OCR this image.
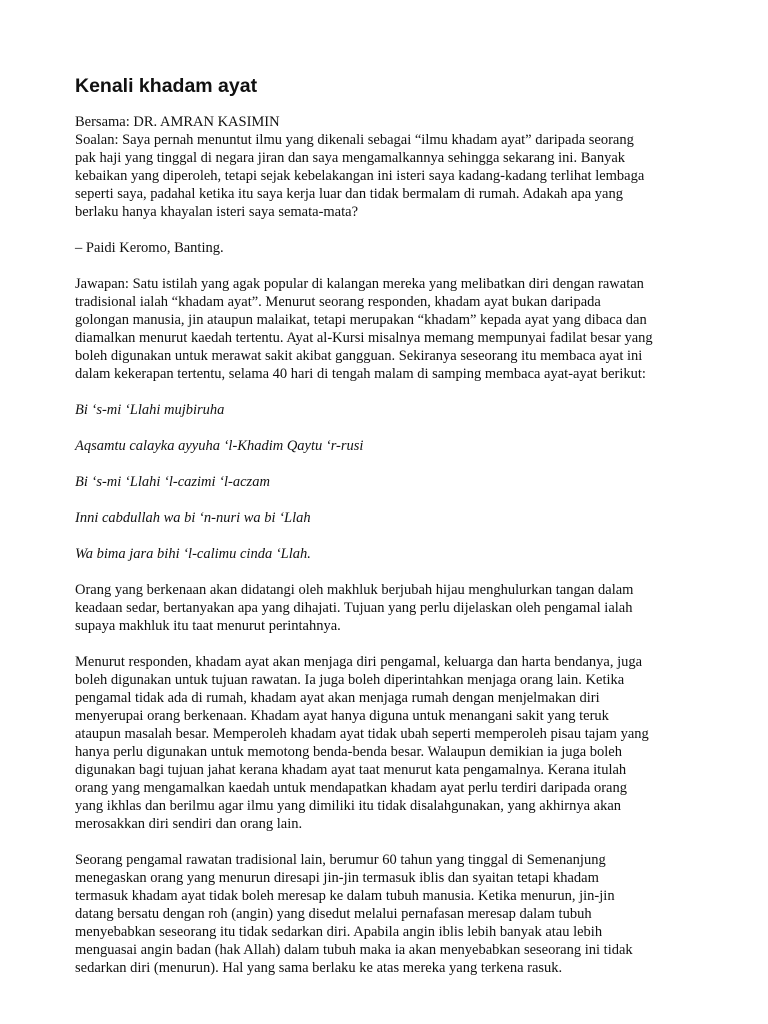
Kenali khadam ayat
Bersama: DR. AMRAN KASIMIN
Soalan: Saya pernah menuntut ilmu yang dikenali sebagai “ilmu khadam ayat” daripada seorang
pak haji yang tinggal di negara jiran dan saya mengamalkannya sehingga sekarang ini. Banyak
kebaikan yang diperoleh, tetapi sejak kebelakangan ini isteri saya kadang-kadang terlihat lembaga
seperti saya, padahal ketika itu saya kerja luar dan tidak bermalam di rumah. Adakah apa yang
berlaku hanya khayalan isteri saya semata-mata?
– Paidi Keromo, Banting.
Jawapan: Satu istilah yang agak popular di kalangan mereka yang melibatkan diri dengan rawatan
tradisional ialah “khadam ayat”. Menurut seorang responden, khadam ayat bukan daripada
golongan manusia, jin ataupun malaikat, tetapi merupakan “khadam” kepada ayat yang dibaca dan
diamalkan menurut kaedah tertentu. Ayat al-Kursi misalnya memang mempunyai fadilat besar yang
boleh digunakan untuk merawat sakit akibat gangguan. Sekiranya seseorang itu membaca ayat ini
dalam kekerapan tertentu, selama 40 hari di tengah malam di samping membaca ayat-ayat berikut:

Bi ‘s-mi ‘Llahi mujbiruha

Aqsamtu calayka ayyuha ‘l-Khadim Qaytu ‘r-rusi

Bi ‘s-mi ‘Llahi ‘l-cazimi ‘l-aczam

Inni cabdullah wa bi ‘n-nuri wa bi ‘Llah

Wa bima jara bihi ‘l-calimu cinda ‘Llah.

Orang yang berkenaan akan didatangi oleh makhluk berjubah hijau menghulurkan tangan dalam
keadaan sedar, bertanyakan apa yang dihajati. Tujuan yang perlu dijelaskan oleh pengamal ialah
supaya makhluk itu taat menurut perintahnya.
Menurut responden, khadam ayat akan menjaga diri pengamal, keluarga dan harta bendanya, juga
boleh digunakan untuk tujuan rawatan. Ia juga boleh diperintahkan menjaga orang lain. Ketika
pengamal tidak ada di rumah, khadam ayat akan menjaga rumah dengan menjelmakan diri
menyerupai orang berkenaan. Khadam ayat hanya diguna untuk menangani sakit yang teruk
ataupun masalah besar. Memperoleh khadam ayat tidak ubah seperti memperoleh pisau tajam yang
hanya perlu digunakan untuk memotong benda-benda besar. Walaupun demikian ia juga boleh
digunakan bagi tujuan jahat kerana khadam ayat taat menurut kata pengamalnya. Kerana itulah
orang yang mengamalkan kaedah untuk mendapatkan khadam ayat perlu terdiri daripada orang
yang ikhlas dan berilmu agar ilmu yang dimiliki itu tidak disalahgunakan, yang akhirnya akan
merosakkan diri sendiri dan orang lain.
Seorang pengamal rawatan tradisional lain, berumur 60 tahun yang tinggal di Semenanjung
menegaskan orang yang menurun diresapi jin-jin termasuk iblis dan syaitan tetapi khadam
termasuk khadam ayat tidak boleh meresap ke dalam tubuh manusia. Ketika menurun, jin-jin
datang bersatu dengan roh (angin) yang disedut melalui pernafasan meresap dalam tubuh
menyebabkan seseorang itu tidak sedarkan diri. Apabila angin iblis lebih banyak atau lebih
menguasai angin badan (hak Allah) dalam tubuh maka ia akan menyebabkan seseorang ini tidak
sedarkan diri (menurun). Hal yang sama berlaku ke atas mereka yang terkena rasuk.
